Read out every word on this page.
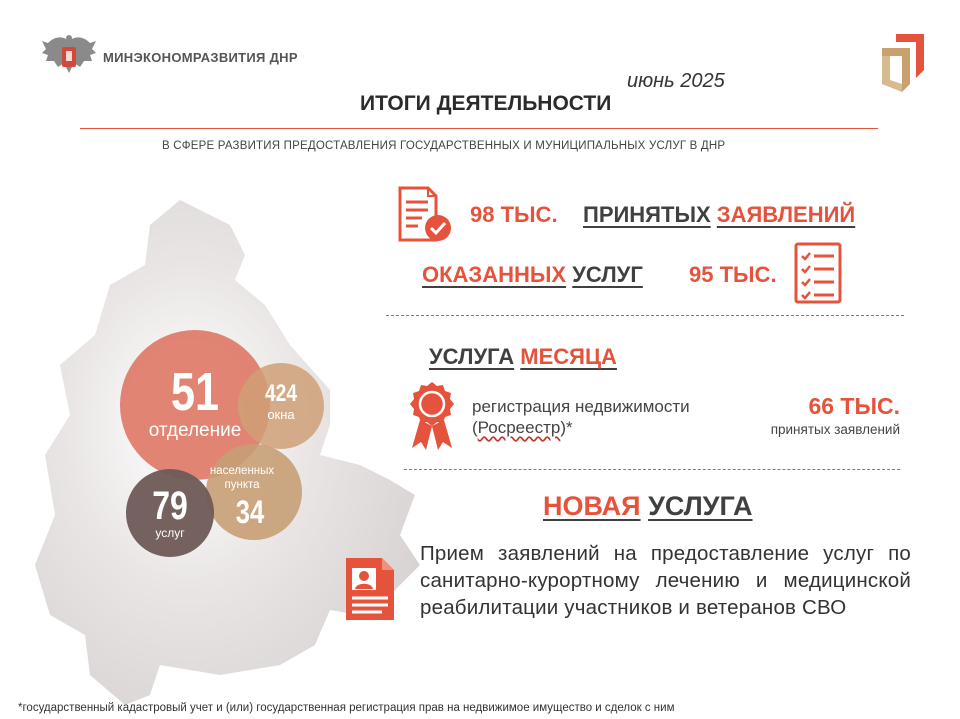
МИНЭКОНОМРАЗВИТИЯ ДНР
июнь 2025
ИТОГИ ДЕЯТЕЛЬНОСТИ
В СФЕРЕ РАЗВИТИЯ ПРЕДОСТАВЛЕНИЯ ГОСУДАРСТВЕННЫХ И МУНИЦИПАЛЬНЫХ УСЛУГ В ДНР
51
отделение
424
окна
населенных пункта
34
79
услуг
98 ТЫС. ПРИНЯТЫХ ЗАЯВЛЕНИЙ
ОКАЗАННЫХ УСЛУГ 95 ТЫС.
УСЛУГА МЕСЯЦА
регистрация недвижимости
(Росреестр)*
66 ТЫС.
принятых заявлений
НОВАЯ УСЛУГА
Прием заявлений на предоставление услуг по санитарно-курортному лечению и медицинской реабилитации участников и ветеранов СВО
*государственный кадастровый учет и (или) государственная регистрация прав на недвижимое имущество и сделок с ним
